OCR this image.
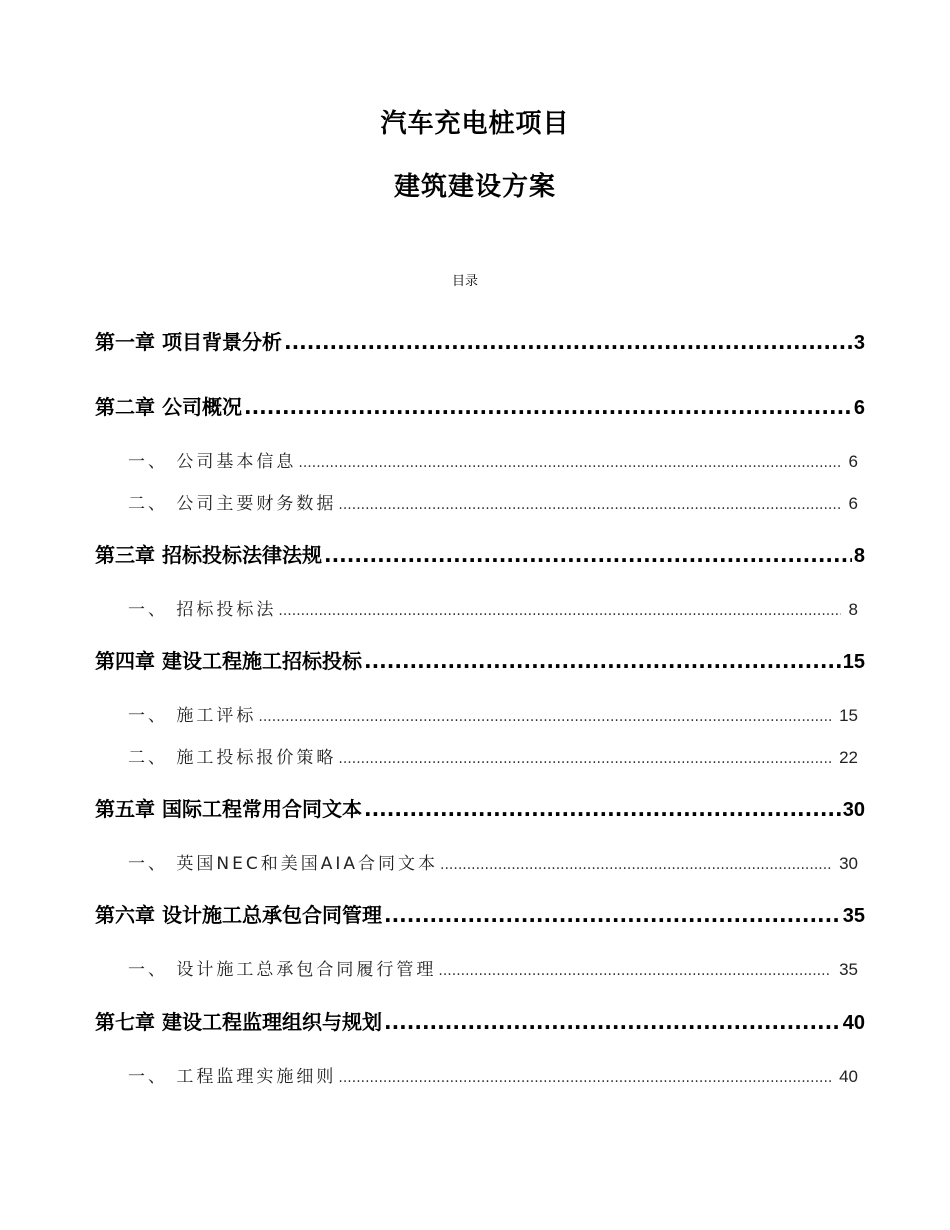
汽车充电桩项目
建筑建设方案
目录
第一章 项目背景分析 .....	3
第二章 公司概况 .....	6
一、 公司基本信息 .....	6
二、 公司主要财务数据 .....	6
第三章 招标投标法律法规 .....	8
一、 招标投标法 .....	8
第四章 建设工程施工招标投标 .....	15
一、 施工评标 .....	15
二、 施工投标报价策略 .....	22
第五章 国际工程常用合同文本 .....	30
一、 英国NEC和美国AIA合同文本 .....	30
第六章 设计施工总承包合同管理 .....	35
一、 设计施工总承包合同履行管理 .....	35
第七章 建设工程监理组织与规划 .....	40
一、 工程监理实施细则 .....	40
